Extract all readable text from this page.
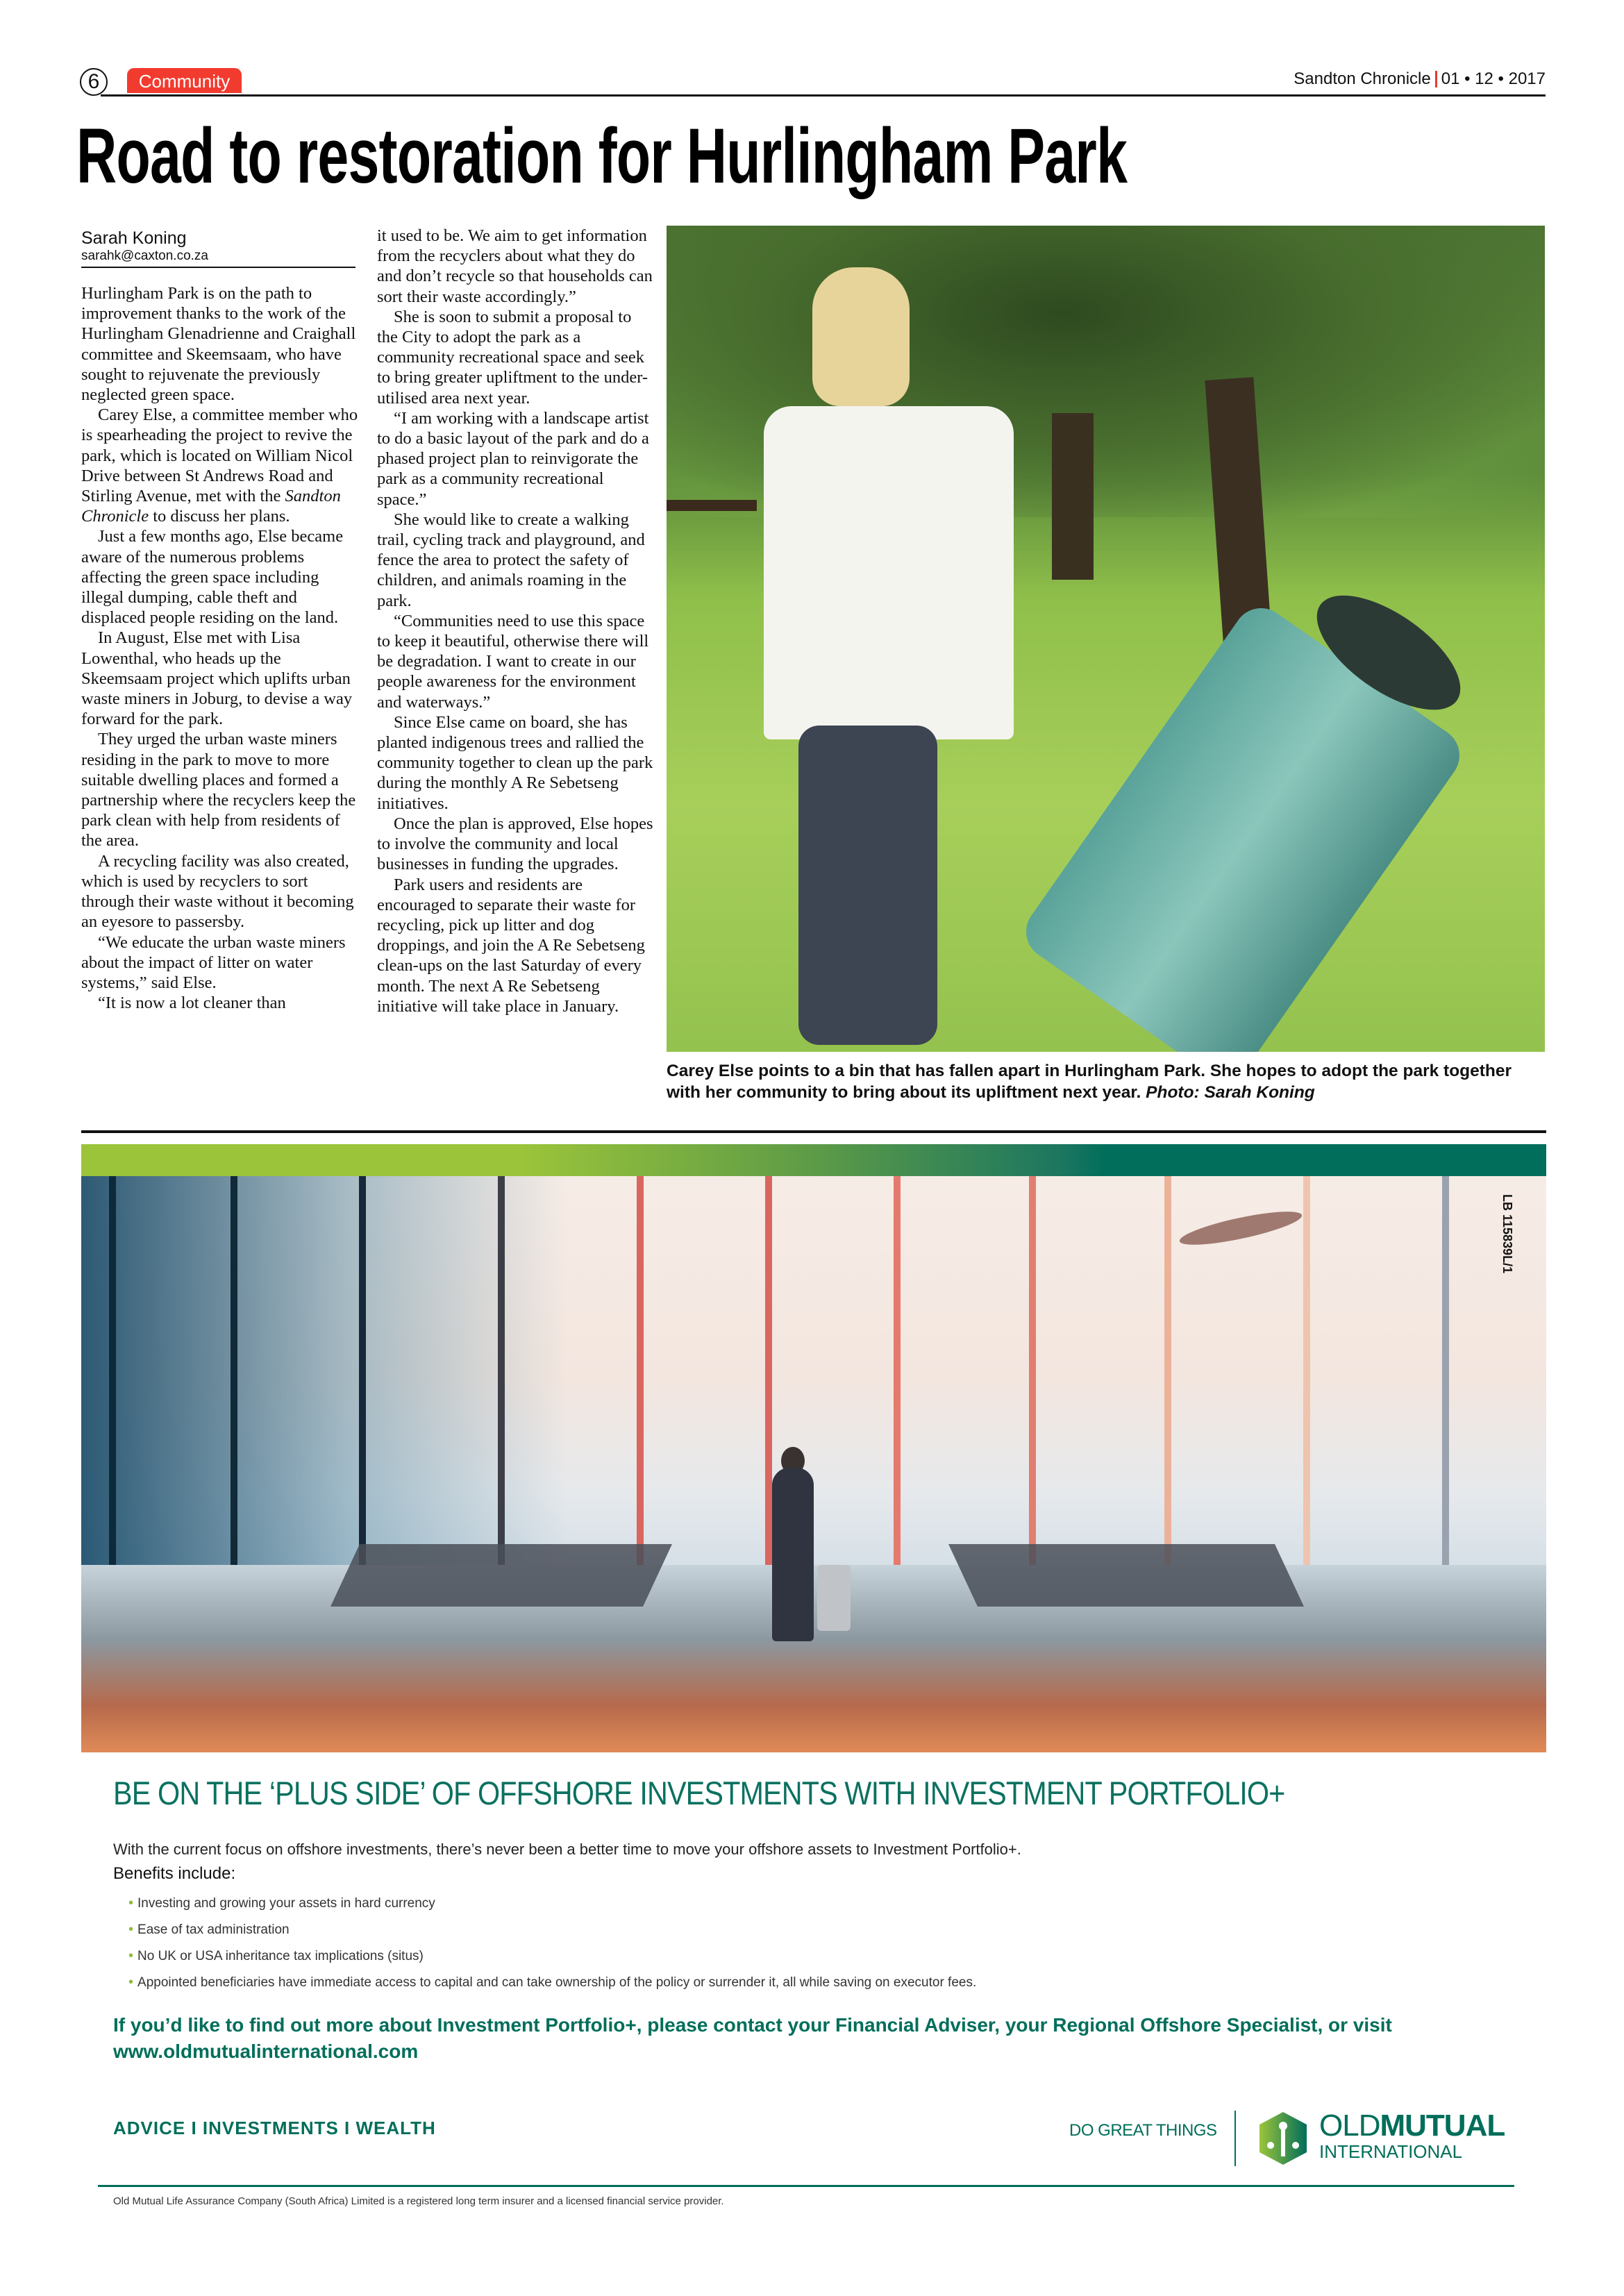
6	Community	Sandton Chronicle 01 • 12 • 2017
Road to restoration for Hurlingham Park
Sarah Koning
sarahk@caxton.co.za

Hurlingham Park is on the path to improvement thanks to the work of the Hurlingham Glenadrienne and Craighall committee and Skeemsaam, who have sought to rejuvenate the previously neglected green space.

Carey Else, a committee member who is spearheading the project to revive the park, which is located on William Nicol Drive between St Andrews Road and Stirling Avenue, met with the Sandton Chronicle to discuss her plans.

Just a few months ago, Else became aware of the numerous problems affecting the green space including illegal dumping, cable theft and displaced people residing on the land.

In August, Else met with Lisa Lowenthal, who heads up the Skeemsaam project which uplifts urban waste miners in Joburg, to devise a way forward for the park.

They urged the urban waste miners residing in the park to move to more suitable dwelling places and formed a partnership where the recyclers keep the park clean with help from residents of the area.

A recycling facility was also created, which is used by recyclers to sort through their waste without it becoming an eyesore to passersby.

“We educate the urban waste miners about the impact of litter on water systems,” said Else.

“It is now a lot cleaner than

it used to be. We aim to get information from the recyclers about what they do and don’t recycle so that households can sort their waste accordingly.”

She is soon to submit a proposal to the City to adopt the park as a community recreational space and seek to bring greater upliftment to the under-utilised area next year.

“I am working with a landscape artist to do a basic layout of the park and do a phased project plan to reinvigorate the park as a community recreational space.”

She would like to create a walking trail, cycling track and playground, and fence the area to protect the safety of children, and animals roaming in the park.

“Communities need to use this space to keep it beautiful, otherwise there will be degradation. I want to create in our people awareness for the environment and waterways.”

Since Else came on board, she has planted indigenous trees and rallied the community together to clean up the park during the monthly A Re Sebetseng initiatives.

Once the plan is approved, Else hopes to involve the community and local businesses in funding the upgrades.

Park users and residents are encouraged to separate their waste for recycling, pick up litter and dog droppings, and join the A Re Sebetseng clean-ups on the last Saturday of every month. The next A Re Sebetseng initiative will take place in January.

Carey Else points to a bin that has fallen apart in Hurlingham Park. She hopes to adopt the park together with her community to bring about its upliftment next year. Photo: Sarah Koning
LB 115839L/1
BE ON THE ‘PLUS SIDE’ OF OFFSHORE INVESTMENTS WITH INVESTMENT PORTFOLIO+
With the current focus on offshore investments, there’s never been a better time to move your offshore assets to Investment Portfolio+.
Benefits include:
• Investing and growing your assets in hard currency
• Ease of tax administration
• No UK or USA inheritance tax implications (situs)
• Appointed beneficiaries have immediate access to capital and can take ownership of the policy or surrender it, all while saving on executor fees.
If you’d like to find out more about Investment Portfolio+, please contact your Financial Adviser, your Regional Offshore Specialist, or visit www.oldmutualinternational.com
ADVICE I INVESTMENTS I WEALTH	DO GREAT THINGS	OLDMUTUAL
INTERNATIONAL
Old Mutual Life Assurance Company (South Africa) Limited is a registered long term insurer and a licensed financial service provider.
